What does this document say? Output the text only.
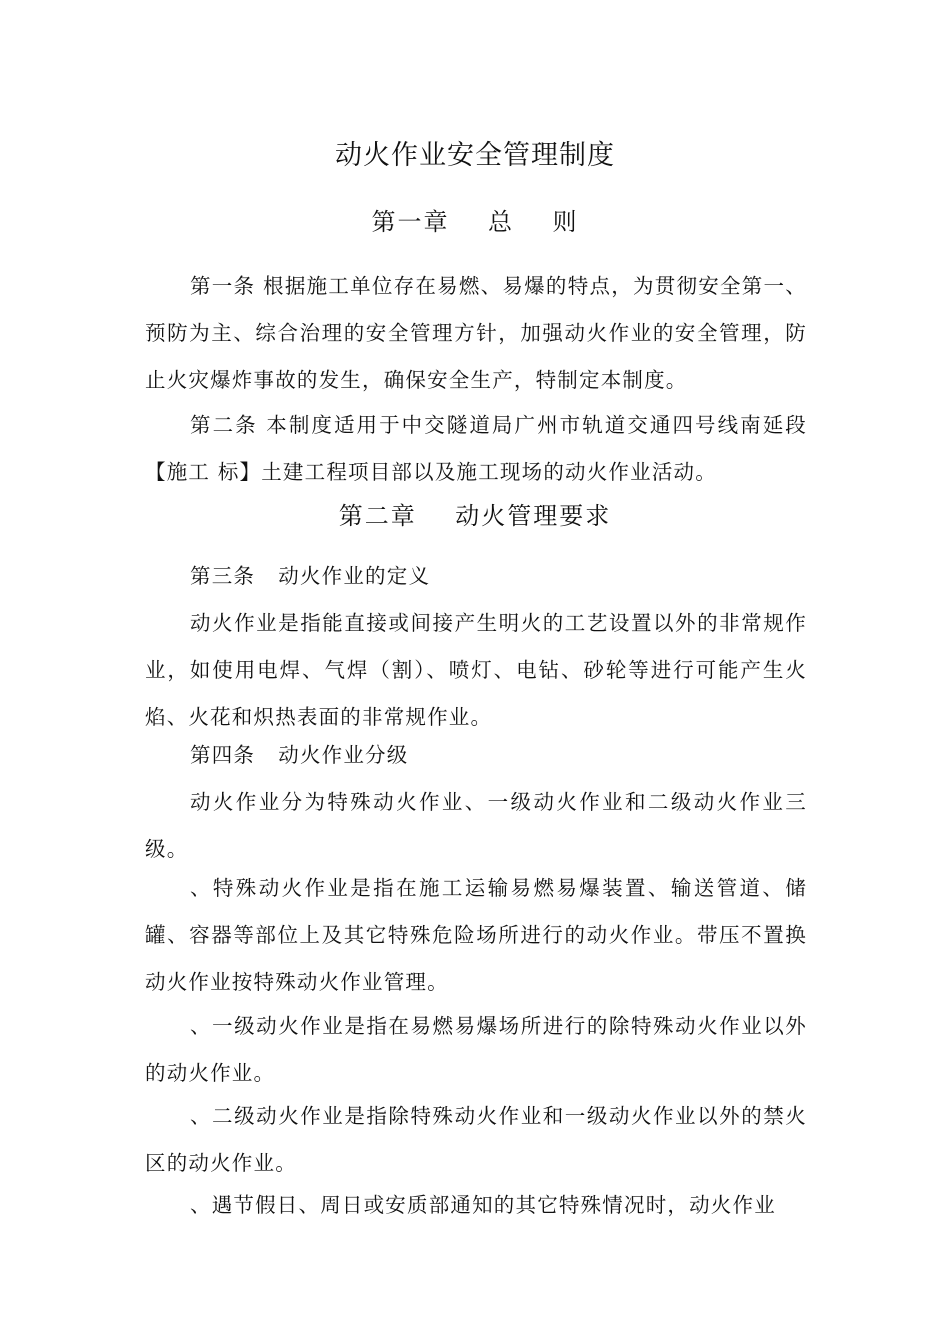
动火作业安全管理制度
第一章    总    则

第一条 根据施工单位存在易燃、易爆的特点，为贯彻安全第一、预防为主、综合治理的安全管理方针，加强动火作业的安全管理，防止火灾爆炸事故的发生，确保安全生产，特制定本制度。

第二条 本制度适用于中交隧道局广州市轨道交通四号线南延段【施工 标】土建工程项目部以及施工现场的动火作业活动。

第二章    动火管理要求

第三条   动火作业的定义

动火作业是指能直接或间接产生明火的工艺设置以外的非常规作业，如使用电焊、气焊（割）、喷灯、电钻、砂轮等进行可能产生火焰、火花和炽热表面的非常规作业。

第四条   动火作业分级

动火作业分为特殊动火作业、一级动火作业和二级动火作业三级。

、特殊动火作业是指在施工运输易燃易爆装置、输送管道、储罐、容器等部位上及其它特殊危险场所进行的动火作业。带压不置换动火作业按特殊动火作业管理。

、一级动火作业是指在易燃易爆场所进行的除特殊动火作业以外的动火作业。

、二级动火作业是指除特殊动火作业和一级动火作业以外的禁火区的动火作业。

、遇节假日、周日或安质部通知的其它特殊情况时，动火作业
